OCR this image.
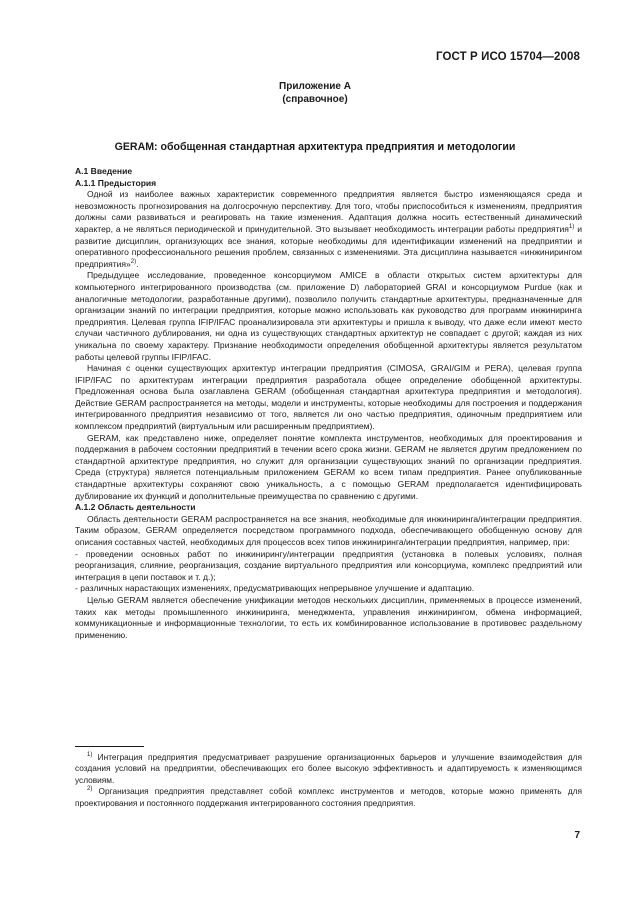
ГОСТ Р ИСО 15704—2008
Приложение А
(справочное)
GERAM: обобщенная стандартная архитектура предприятия и методологии

А.1 Введение

А.1.1 Предыстория

Одной из наиболее важных характеристик современного предприятия является быстро изменяющаяся среда и невозможность прогнозирования на долгосрочную перспективу. Для того, чтобы приспособиться к изменениям, предприятия должны сами развиваться и реагировать на такие изменения. Адаптация должна носить естественный динамический характер, а не являться периодической и принудительной. Это вызывает необходимость интеграции работы предприятия$^{1)}$ и развитие дисциплин, организующих все знания, которые необходимы для идентификации изменений на предприятии и оперативного профессионального решения проблем, связанных с изменениями. Эта дисциплина называется «инжинирингом предприятия»$^{2)}$.

Предыдущее исследование, проведенное консорциумом AMICE в области открытых систем архитектуры для компьютерного интегрированного производства (см. приложение D) лабораторией GRAI и консорциумом Purdue (как и аналогичные методологии, разработанные другими), позволило получить стандартные архитектуры, предназначенные для организации знаний по интеграции предприятия, которые можно использовать как руководство для программ инжиниринга предприятия. Целевая группа IFIP/IFAC проанализировала эти архитектуры и пришла к выводу, что даже если имеют место случаи частичного дублирования, ни одна из существующих стандартных архитектур не совпадает с другой; каждая из них уникальна по своему характеру. Признание необходимости определения обобщенной архитектуры является результатом работы целевой группы IFIP/IFAC.

Начиная с оценки существующих архитектур интеграции предприятия (CIMOSA, GRAI/GIM и PERA), целевая группа IFIP/IFAC по архитектурам интеграции предприятия разработала общее определение обобщенной архитектуры. Предложенная основа была озаглавлена GERAM (обобщенная стандартная архитектура предприятия и методология). Действие GERAM распространяется на методы, модели и инструменты, которые необходимы для построения и поддержания интегрированного предприятия независимо от того, является ли оно частью предприятия, одиночным предприятием или комплексом предприятий (виртуальным или расширенным предприятием).

GERAM, как представлено ниже, определяет понятие комплекта инструментов, необходимых для проектирования и поддержания в рабочем состоянии предприятий в течении всего срока жизни. GERAM не является другим предложением по стандартной архитектуре предприятия, но служит для организации существующих знаний по организации предприятия. Среда (структура) является потенциальным приложением GERAM ко всем типам предприятия. Ранее опубликованные стандартные архитектуры сохраняют свою уникальность, а с помощью GERAM предполагается идентифицировать дублирование их функций и дополнительные преимущества по сравнению с другими.

А.1.2 Область деятельности

Область деятельности GERAM распространяется на все знания, необходимые для инжиниринга/интеграции предприятия. Таким образом, GERAM определяется посредством программного подхода, обеспечивающего обобщенную основу для описания составных частей, необходимых для процессов всех типов инжиниринга/интеграции предприятия, например, при:

- проведении основных работ по инжинирингу/интеграции предприятия (установка в полевых условиях, полная реорганизация, слияние, реорганизация, создание виртуального предприятия или консорциума, комплекс предприятий или интеграция в цепи поставок и т. д.);

- различных нарастающих изменениях, предусматривающих непрерывное улучшение и адаптацию.

Целью GERAM является обеспечение унификации методов нескольких дисциплин, применяемых в процессе изменений, таких как методы промышленного инжиниринга, менеджмента, управления инжинирингом, обмена информацией, коммуникационные и информационные технологии, то есть их комбинированное использование в противовес раздельному применению.

$^{1)}$ Интеграция предприятия предусматривает разрушение организационных барьеров и улучшение взаимодействия для создания условий на предприятии, обеспечивающих его более высокую эффективность и адаптируемость к изменяющимся условиям.

$^{2)}$ Организация предприятия представляет собой комплекс инструментов и методов, которые можно применять для проектирования и постоянного поддержания интегрированного состояния предприятия.

7
